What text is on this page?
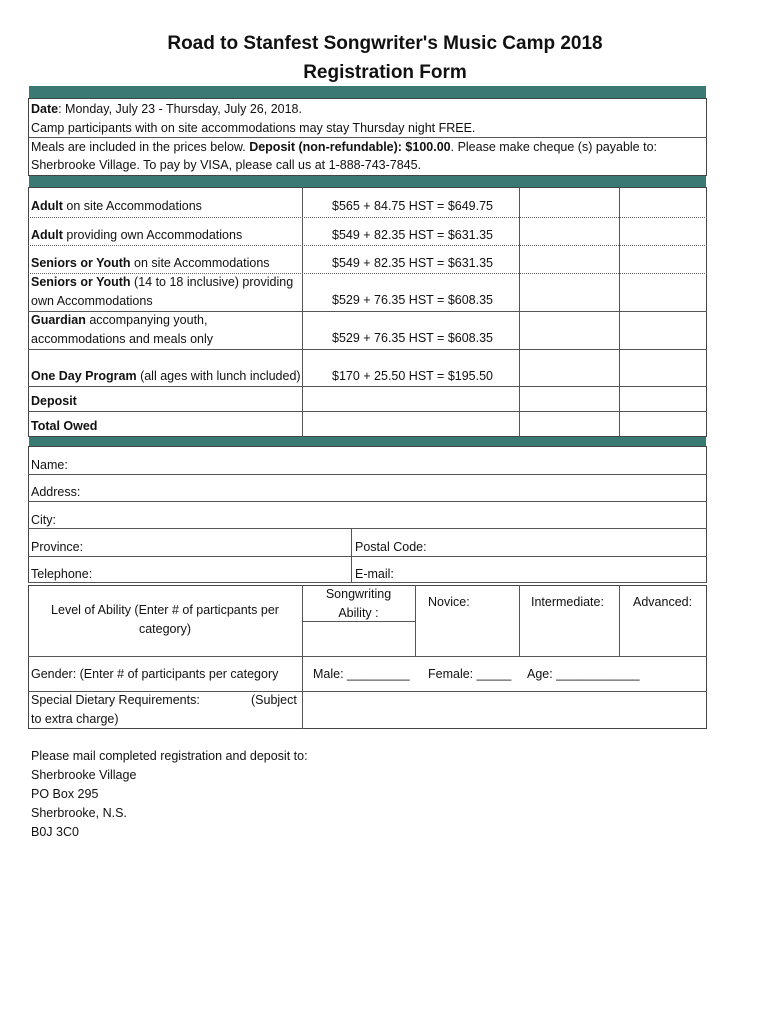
Road to Stanfest Songwriter's Music Camp 2018
Registration Form
Date: Monday, July 23 - Thursday, July 26, 2018.
Camp participants with on site accommodations may stay Thursday night FREE.
Meals are included in the prices below. Deposit (non-refundable): $100.00. Please make cheque (s) payable to:
Sherbrooke Village. To pay by VISA, please call us at 1-888-743-7845.
Adult on site Accommodations	$565 + 84.75 HST = $649.75
Adult providing own Accommodations	$549 + 82.35 HST = $631.35
Seniors or Youth on site Accommodations	$549 + 82.35 HST = $631.35
Seniors or Youth (14 to 18 inclusive) providing
own Accommodations	$529 + 76.35 HST = $608.35
Guardian accompanying youth,
accommodations and meals only	$529 + 76.35 HST = $608.35
One Day Program (all ages with lunch included)	$170 + 25.50 HST = $195.50
Deposit
Total Owed
Name:
Address:
City:
Province:	Postal Code:
Telephone:	E-mail:
Level of Ability (Enter # of particpants per
category)
Songwriting
Ability :
Novice:	Intermediate: Advanced:
Gender: (Enter # of participants per category	Male: _________ Female: _____ Age: ____________
Special Dietary Requirements:	(Subject
to extra charge)
Please mail completed registration and deposit to:
Sherbrooke Village
PO Box 295
Sherbrooke, N.S.
B0J 3C0
